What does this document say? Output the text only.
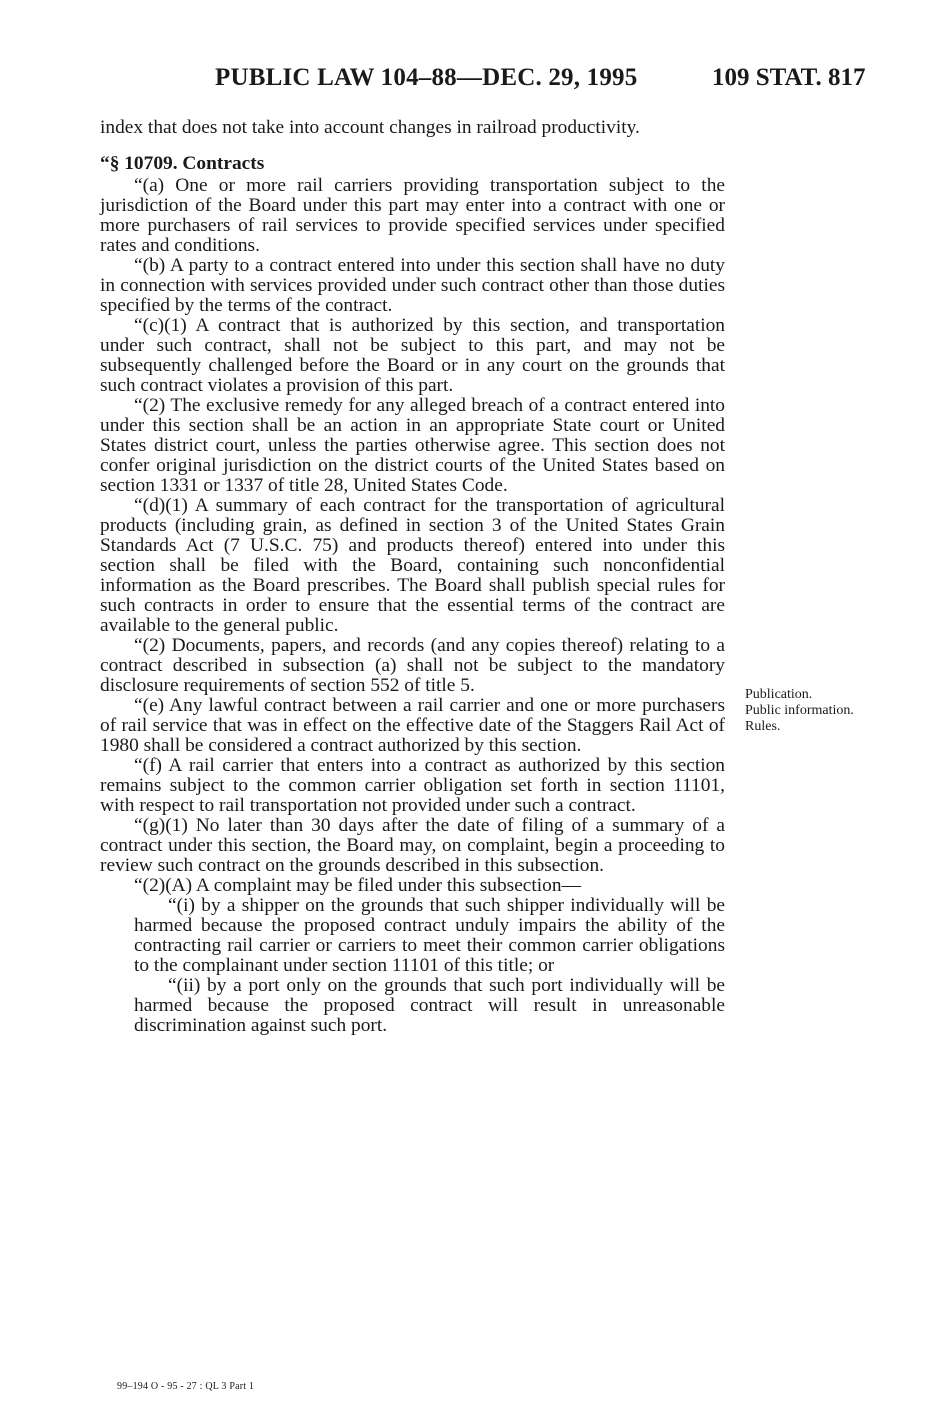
PUBLIC LAW 104–88—DEC. 29, 1995	109 STAT. 817

index that does not take into account changes in railroad productivity.

“§ 10709. Contracts

“(a) One or more rail carriers providing transportation subject to the jurisdiction of the Board under this part may enter into a contract with one or more purchasers of rail services to provide specified services under specified rates and conditions.

“(b) A party to a contract entered into under this section shall have no duty in connection with services provided under such contract other than those duties specified by the terms of the contract.

“(c)(1) A contract that is authorized by this section, and transportation under such contract, shall not be subject to this part, and may not be subsequently challenged before the Board or in any court on the grounds that such contract violates a provision of this part.

“(2) The exclusive remedy for any alleged breach of a contract entered into under this section shall be an action in an appropriate State court or United States district court, unless the parties otherwise agree. This section does not confer original jurisdiction on the district courts of the United States based on section 1331 or 1337 of title 28, United States Code.

“(d)(1) A summary of each contract for the transportation of agricultural products (including grain, as defined in section 3 of the United States Grain Standards Act (7 U.S.C. 75) and products thereof) entered into under this section shall be filed with the Board, containing such nonconfidential information as the Board prescribes. The Board shall publish special rules for such contracts in order to ensure that the essential terms of the contract are available to the general public.

“(2) Documents, papers, and records (and any copies thereof) relating to a contract described in subsection (a) shall not be subject to the mandatory disclosure requirements of section 552 of title 5.

“(e) Any lawful contract between a rail carrier and one or more purchasers of rail service that was in effect on the effective date of the Staggers Rail Act of 1980 shall be considered a contract authorized by this section.

“(f) A rail carrier that enters into a contract as authorized by this section remains subject to the common carrier obligation set forth in section 11101, with respect to rail transportation not provided under such a contract.

“(g)(1) No later than 30 days after the date of filing of a summary of a contract under this section, the Board may, on complaint, begin a proceeding to review such contract on the grounds described in this subsection.

“(2)(A) A complaint may be filed under this subsection—

“(i) by a shipper on the grounds that such shipper individually will be harmed because the proposed contract unduly impairs the ability of the contracting rail carrier or carriers to meet their common carrier obligations to the complainant under section 11101 of this title; or

“(ii) by a port only on the grounds that such port individually will be harmed because the proposed contract will result in unreasonable discrimination against such port.

Publication.
Public information.
Rules.
99–194 O - 95 - 27 : QL 3 Part 1
